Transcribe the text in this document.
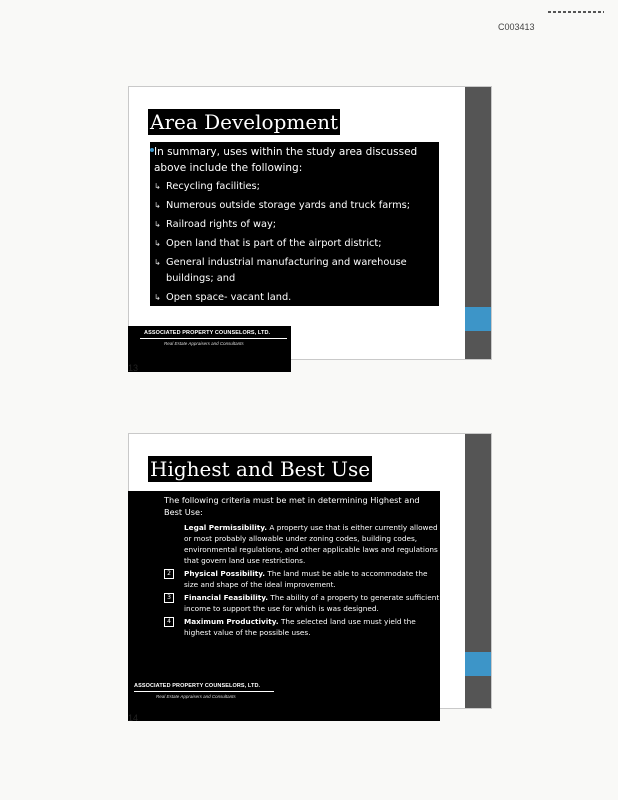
C003413
Area Development
In summary, uses within the study area discussed above include the following:
↳ Recycling facilities;
↳ Numerous outside storage yards and truck farms;
↳ Railroad rights of way;
↳ Open land that is part of the airport district;
↳ General industrial manufacturing and warehouse buildings; and
↳ Open space- vacant land.
ASSOCIATED PROPERTY COUNSELORS, LTD.
Real Estate Appraisers and Consultants
13
Highest and Best Use
The following criteria must be met in determining Highest and Best Use:
Legal Permissibility. A property use that is either currently allowed or most probably allowable under zoning codes, building codes, environmental regulations, and other applicable laws and regulations that govern land use restrictions.
2	Physical Possibility. The land must be able to accommodate the size and shape of the ideal improvement.
3	Financial Feasibility. The ability of a property to generate sufficient income to support the use for which is was designed.
4	Maximum Productivity. The selected land use must yield the highest value of the possible uses.
ASSOCIATED PROPERTY COUNSELORS, LTD.
Real Estate Appraisers and Consultants
14
